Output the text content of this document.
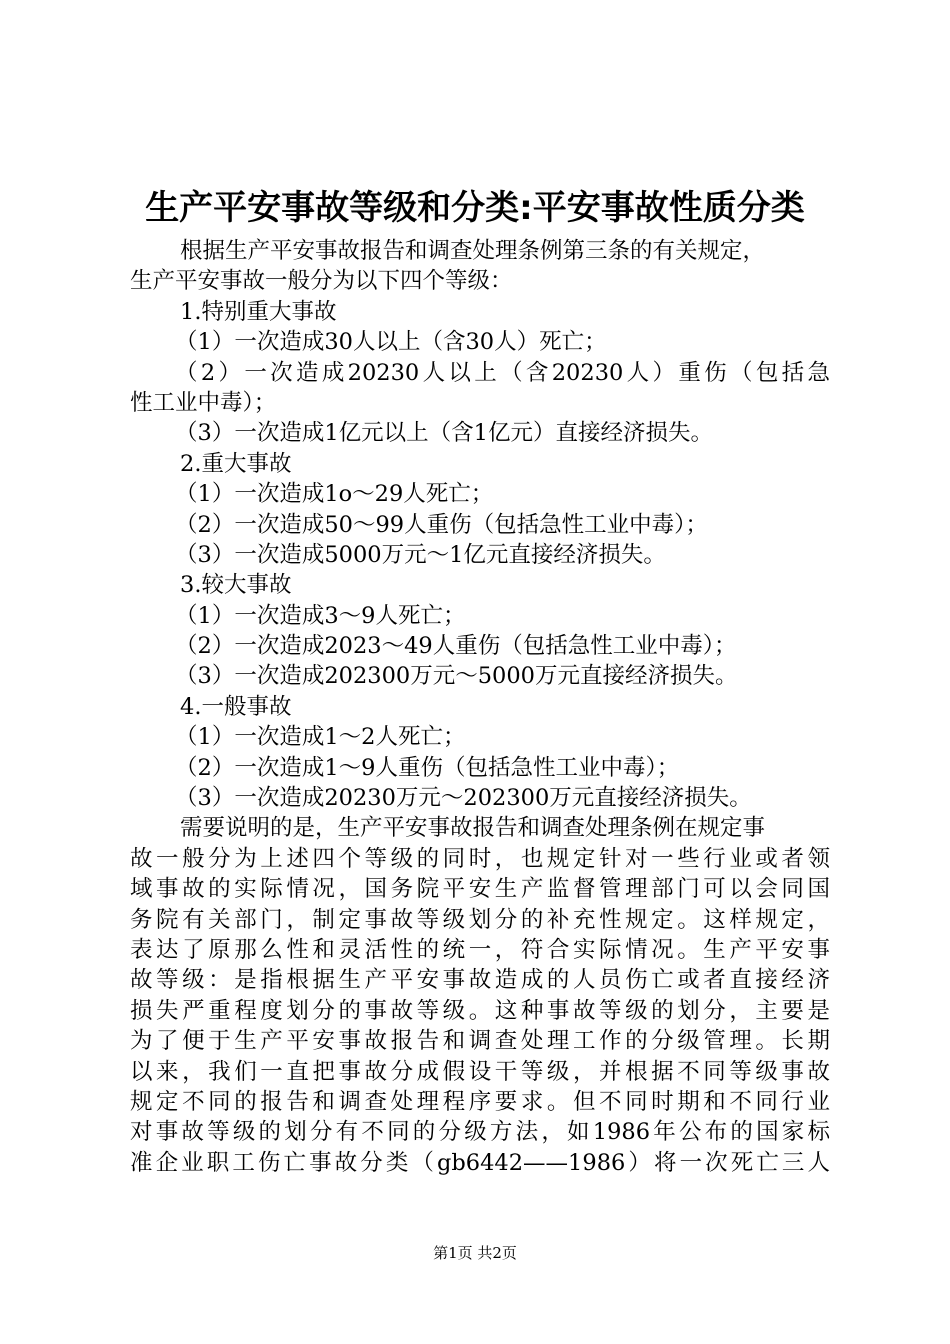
生产平安事故等级和分类:平安事故性质分类
根据生产平安事故报告和调查处理条例第三条的有关规定，
生产平安事故一般分为以下四个等级：
1.特别重大事故
（1）一次造成30人以上（含30人）死亡；
（2）一次造成20230人以上（含20230人）重伤（包括急
性工业中毒）；
（3）一次造成1亿元以上（含1亿元）直接经济损失。
2.重大事故
（1）一次造成1o～29人死亡；
（2）一次造成50～99人重伤（包括急性工业中毒）；
（3）一次造成5000万元～1亿元直接经济损失。
3.较大事故
（1）一次造成3～9人死亡；
（2）一次造成2023～49人重伤（包括急性工业中毒）；
（3）一次造成202300万元～5000万元直接经济损失。
4.一般事故
（1）一次造成1～2人死亡；
（2）一次造成1～9人重伤（包括急性工业中毒）；
（3）一次造成20230万元～202300万元直接经济损失。
需要说明的是，生产平安事故报告和调查处理条例在规定事
故一般分为上述四个等级的同时，也规定针对一些行业或者领
域事故的实际情况，国务院平安生产监督管理部门可以会同国
务院有关部门，制定事故等级划分的补充性规定。这样规定，
表达了原那么性和灵活性的统一，符合实际情况。生产平安事
故等级：是指根据生产平安事故造成的人员伤亡或者直接经济
损失严重程度划分的事故等级。这种事故等级的划分，主要是
为了便于生产平安事故报告和调查处理工作的分级管理。长期
以来，我们一直把事故分成假设干等级，并根据不同等级事故
规定不同的报告和调查处理程序要求。但不同时期和不同行业
对事故等级的划分有不同的分级方法，如1986年公布的国家标
准企业职工伤亡事故分类（gb6442——1986）将一次死亡三人
第1页 共2页
